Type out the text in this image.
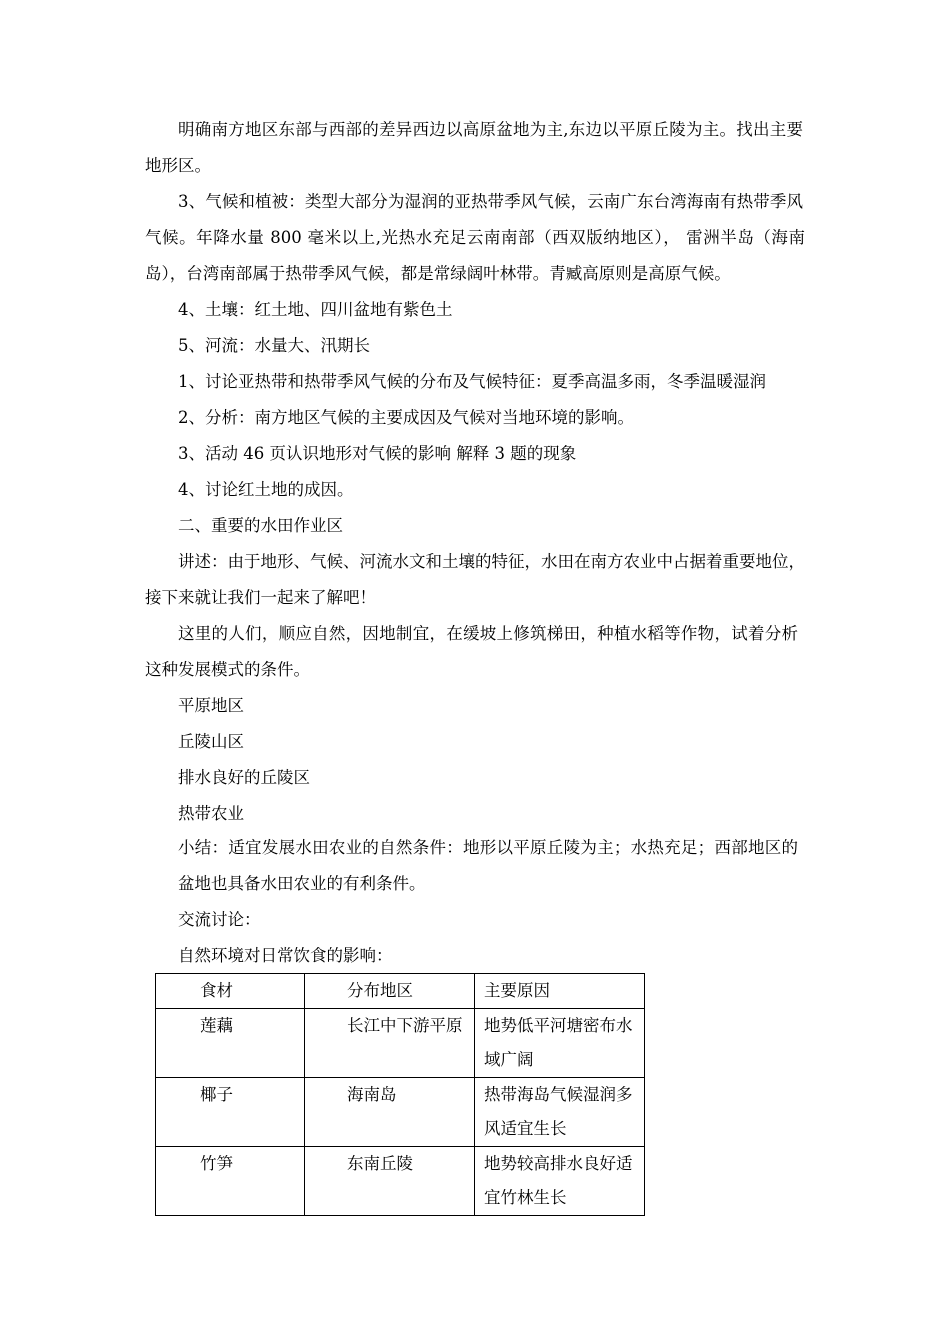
明确南方地区东部与西部的差异西边以高原盆地为主,东边以平原丘陵为主。找出主要
地形区。
3、气候和植被：类型大部分为湿润的亚热带季风气候，云南广东台湾海南有热带季风
气候。年降水量 800 毫米以上,光热水充足云南南部（西双版纳地区）， 雷洲半岛（海南
岛），台湾南部属于热带季风气候，都是常绿阔叶林带。青臧高原则是高原气候。
4、土壤：红土地、四川盆地有紫色土
5、河流：水量大、汛期长
1、讨论亚热带和热带季风气候的分布及气候特征：夏季高温多雨，冬季温暖湿润
2、分析：南方地区气候的主要成因及气候对当地环境的影响。
3、活动 46 页认识地形对气候的影响 解释 3 题的现象
4、讨论红土地的成因。
二、重要的水田作业区
讲述：由于地形、气候、河流水文和土壤的特征，水田在南方农业中占据着重要地位，
接下来就让我们一起来了解吧！
这里的人们，顺应自然，因地制宜，在缓坡上修筑梯田，种植水稻等作物，试着分析
这种发展模式的条件。
平原地区
丘陵山区
排水良好的丘陵区
热带农业
小结：适宜发展水田农业的自然条件：地形以平原丘陵为主；水热充足；西部地区的
盆地也具备水田农业的有利条件。
交流讨论：
自然环境对日常饮食的影响：
食材	分布地区	主要原因
莲藕	长江中下游平原	地势低平河塘密布水
域广阔

椰子	海南岛	热带海岛气候湿润多
风适宜生长

竹笋	东南丘陵	地势较高排水良好适
宜竹林生长
